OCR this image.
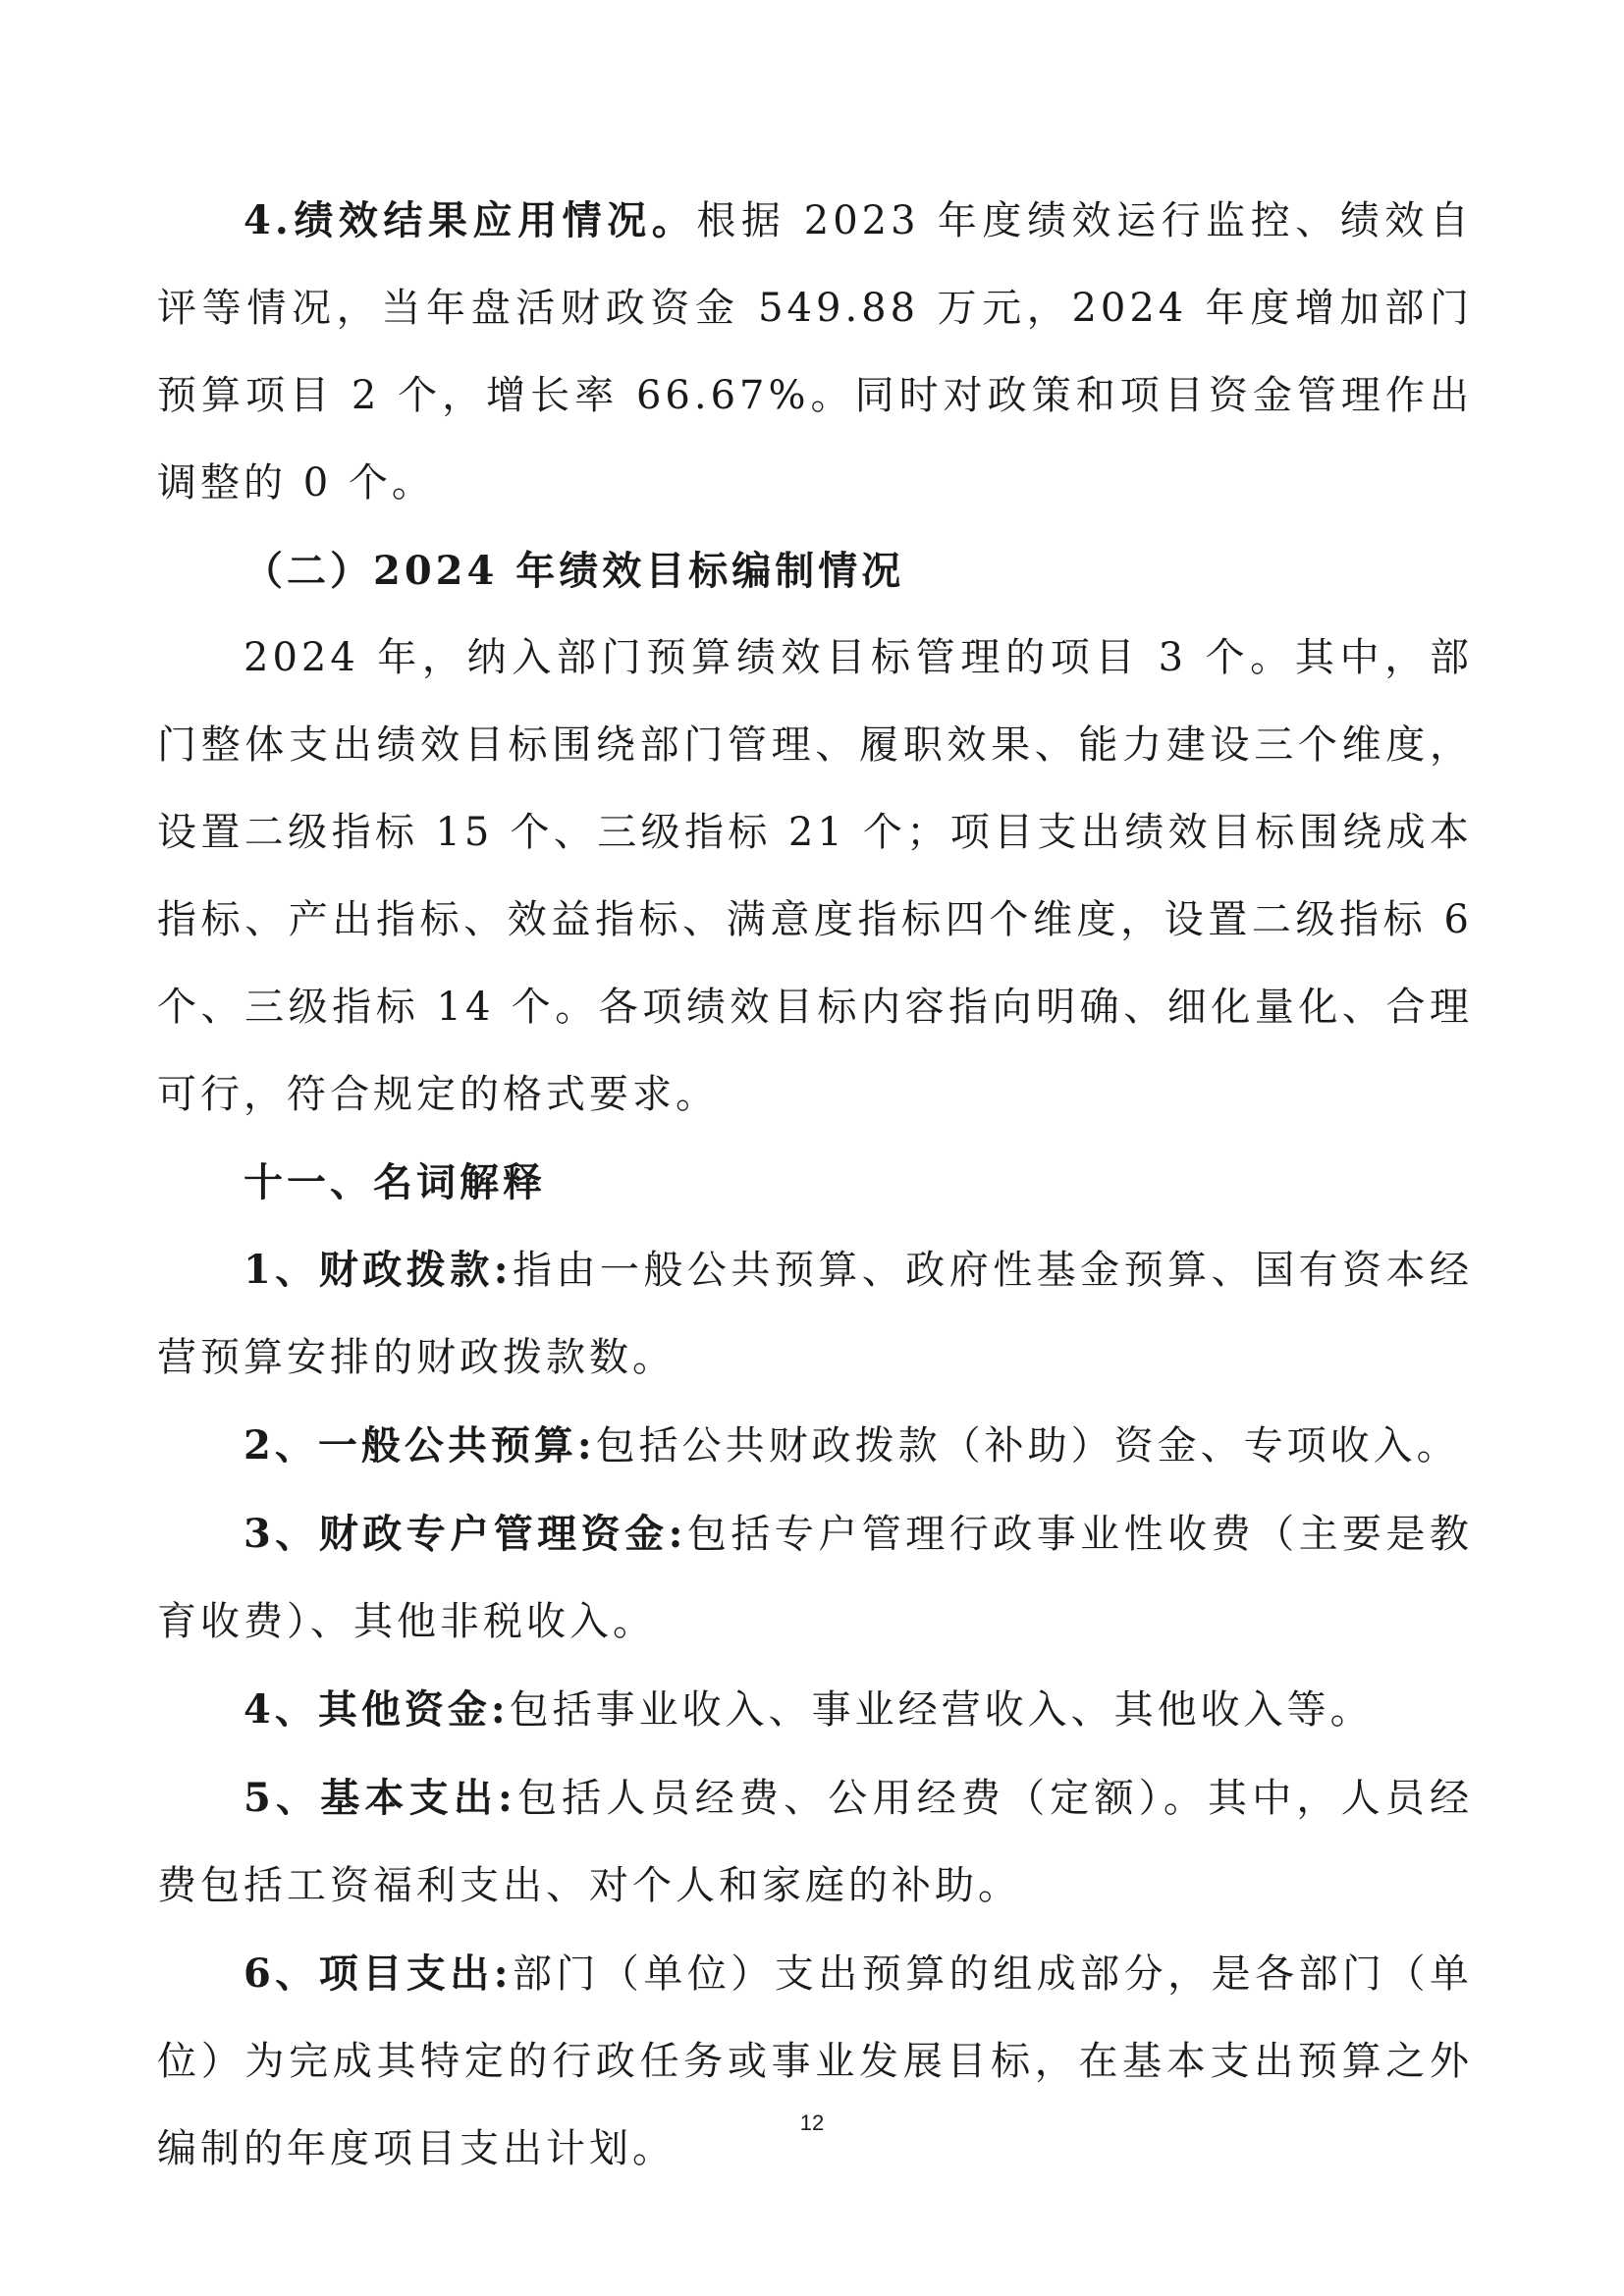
4.绩效结果应用情况。根据 2023 年度绩效运行监控、绩效自评等情况，当年盘活财政资金 549.88 万元，2024 年度增加部门预算项目 2 个，增长率 66.67%。同时对政策和项目资金管理作出调整的 0 个。

（二）2024 年绩效目标编制情况

2024 年，纳入部门预算绩效目标管理的项目 3 个。其中，部门整体支出绩效目标围绕部门管理、履职效果、能力建设三个维度，设置二级指标 15 个、三级指标 21 个；项目支出绩效目标围绕成本指标、产出指标、效益指标、满意度指标四个维度，设置二级指标 6 个、三级指标 14 个。各项绩效目标内容指向明确、细化量化、合理可行，符合规定的格式要求。

十一、名词解释

1、财政拨款:指由一般公共预算、政府性基金预算、国有资本经营预算安排的财政拨款数。

2、一般公共预算:包括公共财政拨款（补助）资金、专项收入。

3、财政专户管理资金:包括专户管理行政事业性收费（主要是教育收费）、其他非税收入。

4、其他资金:包括事业收入、事业经营收入、其他收入等。

5、基本支出:包括人员经费、公用经费（定额）。其中，人员经费包括工资福利支出、对个人和家庭的补助。

6、项目支出:部门（单位）支出预算的组成部分，是各部门（单位）为完成其特定的行政任务或事业发展目标，在基本支出预算之外编制的年度项目支出计划。

12
